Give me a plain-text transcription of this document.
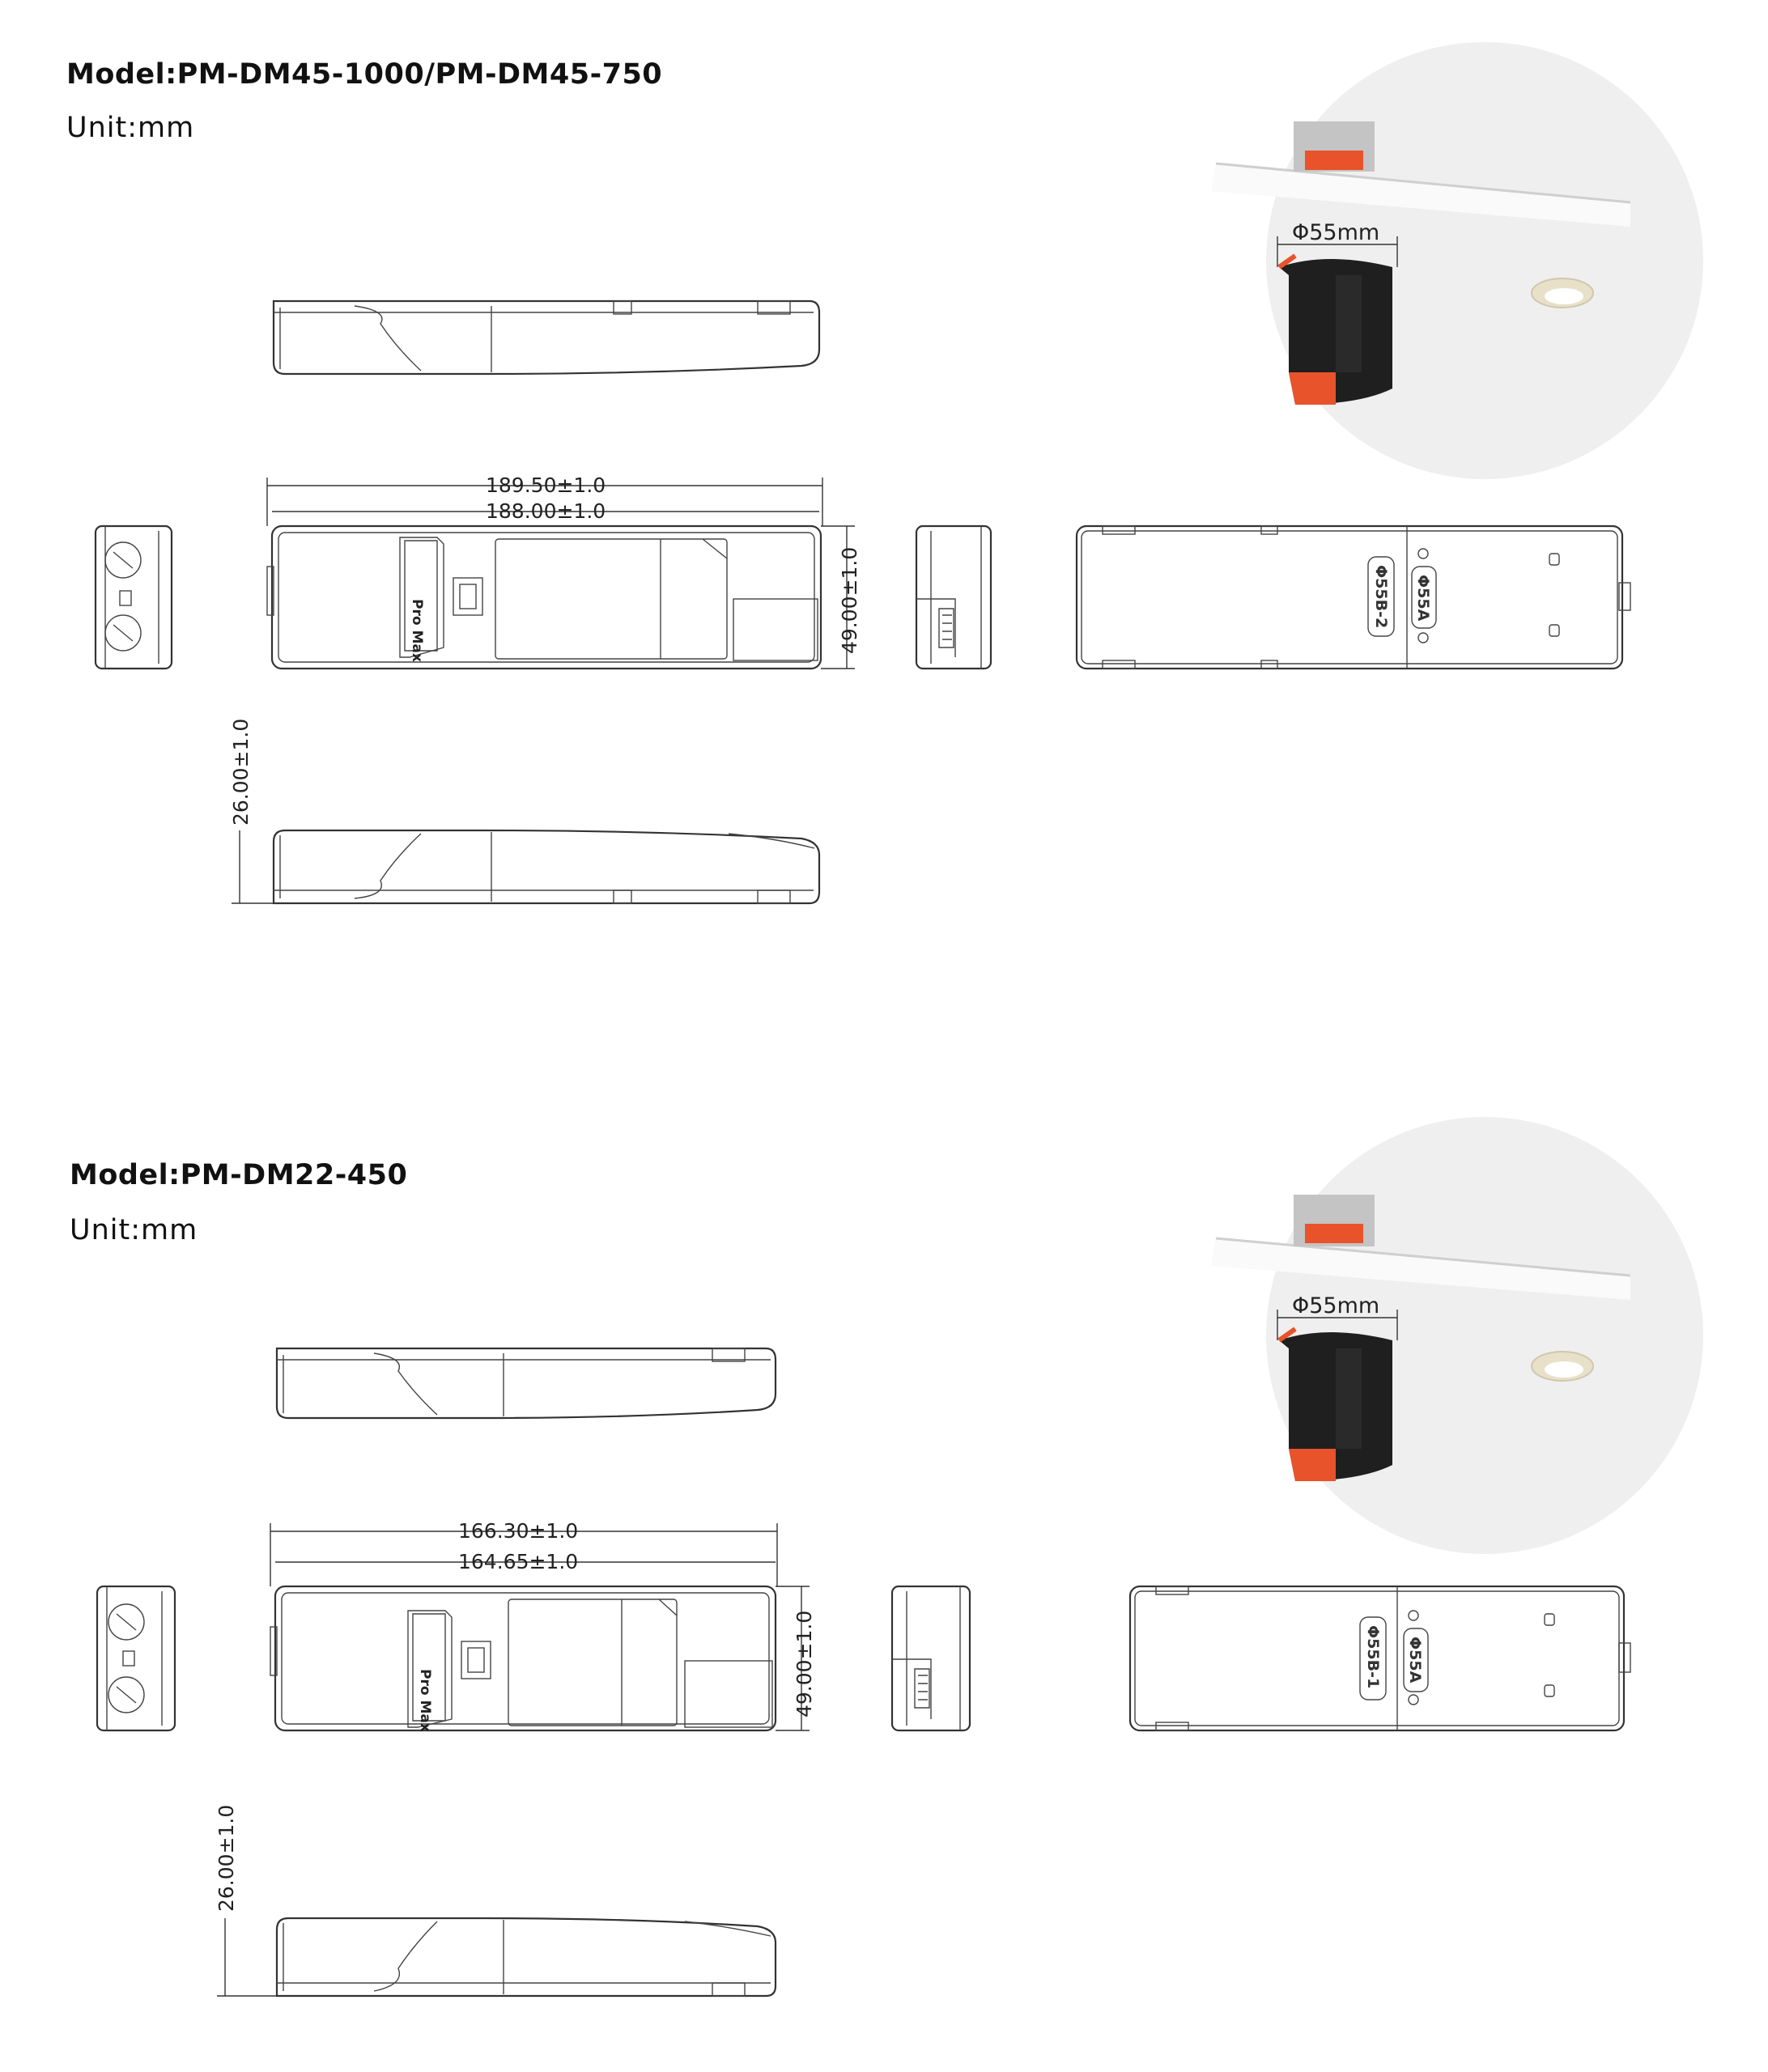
Model:PM-DM45-1000/PM-DM45-750
Unit:mm
Model:PM-DM22-450
Unit:mm
Pro Max
189.50±1.0
188.00±1.0
49.00±1.0	Φ55B-2 Φ55A
26.00±1.0
Φ55mm
Pro Max
166.30±1.0
164.65±1.0
49.00±1.0	Φ55B-1 Φ55A
26.00±1.0
Φ55mm
